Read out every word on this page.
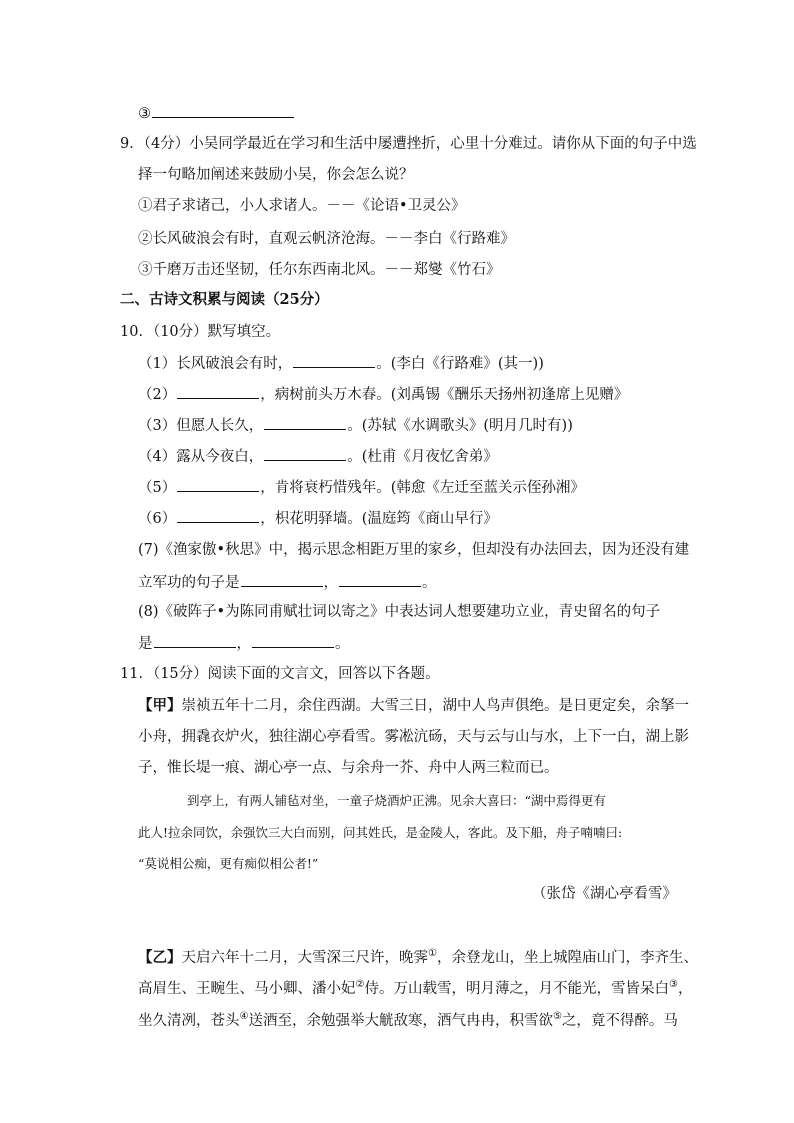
③
9．（4分）小吴同学最近在学习和生活中屡遭挫折，心里十分难过。请你从下面的句子中选
择一句略加阐述来鼓励小吴，你会怎么说？
①君子求诸己，小人求诸人。－－《论语•卫灵公》
②长风破浪会有时，直观云帆济沧海。－－李白《行路难》
③千磨万击还坚韧，任尔东西南北风。－－郑燮《竹石》
二、古诗文积累与阅读（25分）
10．（10分）默写填空。
（1）长风破浪会有时，	。(李白《行路难》(其一))
（2）	，病树前头万木春。(刘禹锡《酬乐天扬州初逢席上见赠》
（3）但愿人长久，	。(苏轼《水调歌头》(明月几时有))
（4）露从今夜白，	。(杜甫《月夜忆舍弟》
（5）	，肯将衰朽惜残年。(韩愈《左迁至蓝关示侄孙湘》
（6）	，枳花明驿墙。(温庭筠《商山早行》
(7)《渔家傲•秋思》中，揭示思念相距万里的家乡，但却没有办法回去，因为还没有建
立军功的句子是	，	。
(8)《破阵子•为陈同甫赋壮词以寄之》中表达词人想要建功立业，青史留名的句子
是	，	。
11．（15分）阅读下面的文言文，回答以下各题。
【甲】崇祯五年十二月，余住西湖。大雪三日，湖中人鸟声俱绝。是日更定矣，余拏一
小舟，拥毳衣炉火，独往湖心亭看雪。雾凇沆砀，天与云与山与水，上下一白，湖上影
子，惟长堤一痕、湖心亭一点、与余舟一芥、舟中人两三粒而已。
到亭上，有两人铺毡对坐，一童子烧酒炉正沸。见余大喜曰：“湖中焉得更有
此人!拉余同饮，余强饮三大白而别，问其姓氏，是金陵人，客此。及下船，舟子喃喃曰:
“莫说相公痴，更有痴似相公者!”
（张岱《湖心亭看雪》
【乙】天启六年十二月，大雪深三尺许，晚霁①，余登龙山，坐上城隍庙山门，李齐生、
高眉生、王畹生、马小卿、潘小妃②侍。万山载雪，明月薄之，月不能光，雪皆呆白③，
坐久清冽，苍头④送酒至，余勉强举大觥敌寒，酒气冉冉，积雪欲⑤之，竟不得醉。马
